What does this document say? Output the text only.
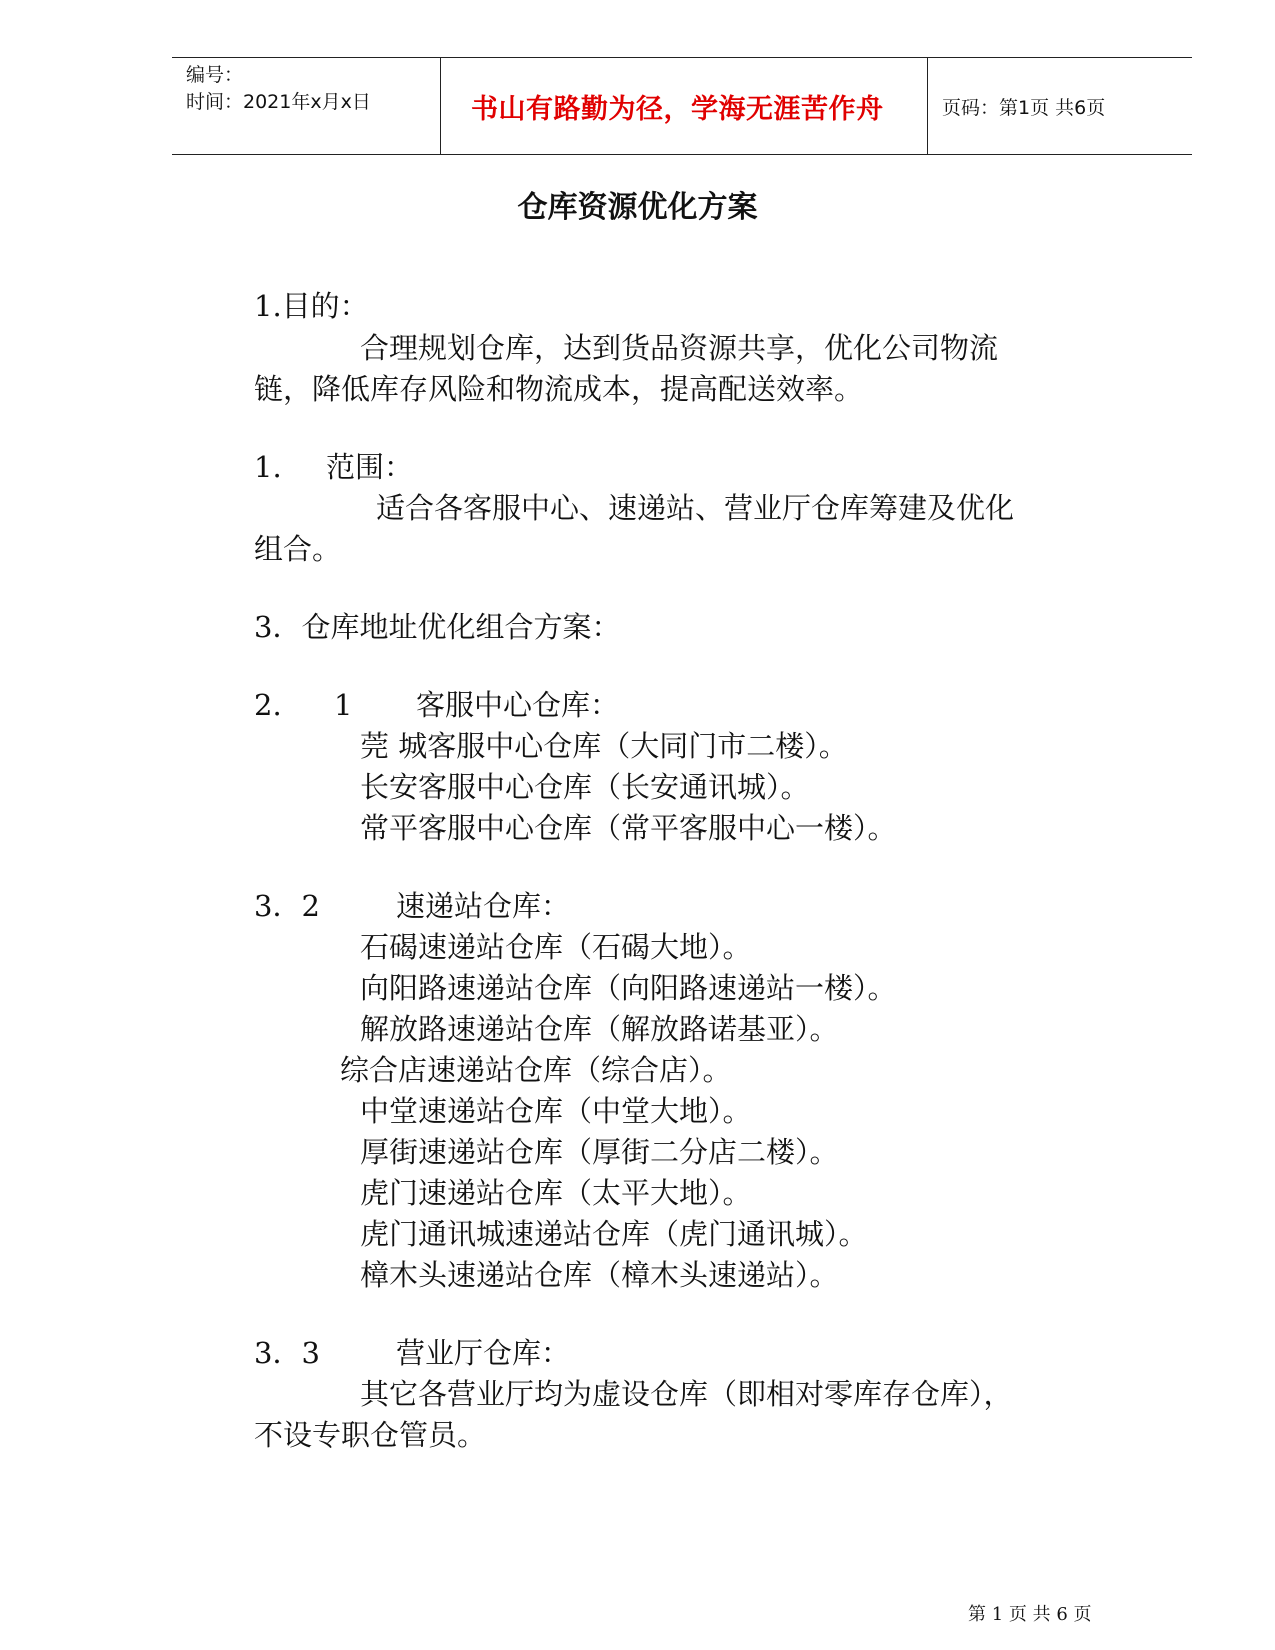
编号：
时间：2021年x月x日	书山有路勤为径，学海无涯苦作舟	页码：第1页 共6页
仓库资源优化方案
1.目的：
合理规划仓库，达到货品资源共享，优化公司物流
链，降低库存风险和物流成本，提高配送效率。
1. 范围：
适合各客服中心、速递站、营业厅仓库筹建及优化
组合。
3．仓库地址优化组合方案：
2. 1 客服中心仓库：
莞 城客服中心仓库（大同门市二楼）。
长安客服中心仓库（长安通讯城）。
常平客服中心仓库（常平客服中心一楼）。
3．2	速递站仓库：
石碣速递站仓库（石碣大地）。
向阳路速递站仓库（向阳路速递站一楼）。
解放路速递站仓库（解放路诺基亚）。
综合店速递站仓库（综合店）。
中堂速递站仓库（中堂大地）。
厚街速递站仓库（厚街二分店二楼）。
虎门速递站仓库（太平大地）。
虎门通讯城速递站仓库（虎门通讯城）。
樟木头速递站仓库（樟木头速递站）。
3．3	营业厅仓库：
其它各营业厅均为虚设仓库（即相对零库存仓库），
不设专职仓管员。
第 1 页 共 6 页
